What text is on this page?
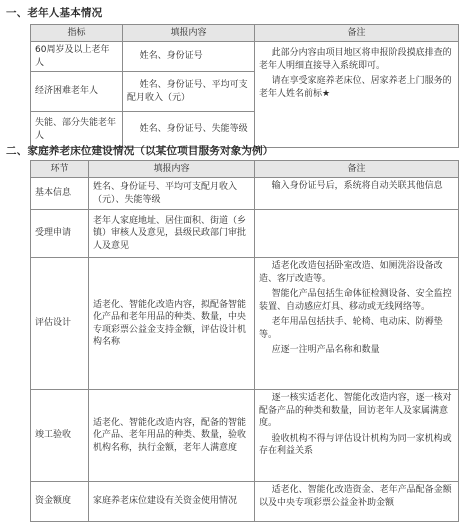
一、老年人基本情况
指标	填报内容	备注
60周岁及以上老年人	姓名、身份证号	此部分内容由项目地区将申报阶段摸底排查的老年人明细直接导入系统即可。

请在享受家庭养老床位、居家养老上门服务的老年人姓名前标★

经济困难老年人	姓名、身份证号、平均可支配月收入（元）	
失能、部分失能老年人	姓名、身份证号、失能等级	
二、家庭养老床位建设情况（以某位项目服务对象为例）
环节	填报内容	备注
基本信息	姓名、身份证号、平均可支配月收入（元）、失能等级	输入身份证号后，系统将自动关联其他信息

受理申请	老年人家庭地址、居住面积、街道（乡镇）审核人及意见，县级民政部门审批人及意见	
评估设计	适老化、智能化改造内容，拟配备智能化产品和老年用品的种类、数量，中央专项彩票公益金支持金额，评估设计机构名称	适老化改造包括卧室改造、如厕洗浴设备改造、客厅改造等。

智能化产品包括生命体征检测设备、安全监控装置、自动感应灯具、移动或无线网络等。

老年用品包括扶手、轮椅、电动床、防褥垫等。

应逐一注明产品名称和数量

竣工验收	适老化、智能化改造内容，配备的智能化产品、老年用品的种类、数量，验收机构名称，执行金额，老年人满意度	逐一核实适老化、智能化改造内容，逐一核对配备产品的种类和数量，回访老年人及家属满意度。

验收机构不得与评估设计机构为同一家机构或存在利益关系

资金额度	家庭养老床位建设有关资金使用情况	适老化、智能化改造资金、老年产品配备金额以及中央专项彩票公益金补助金额
